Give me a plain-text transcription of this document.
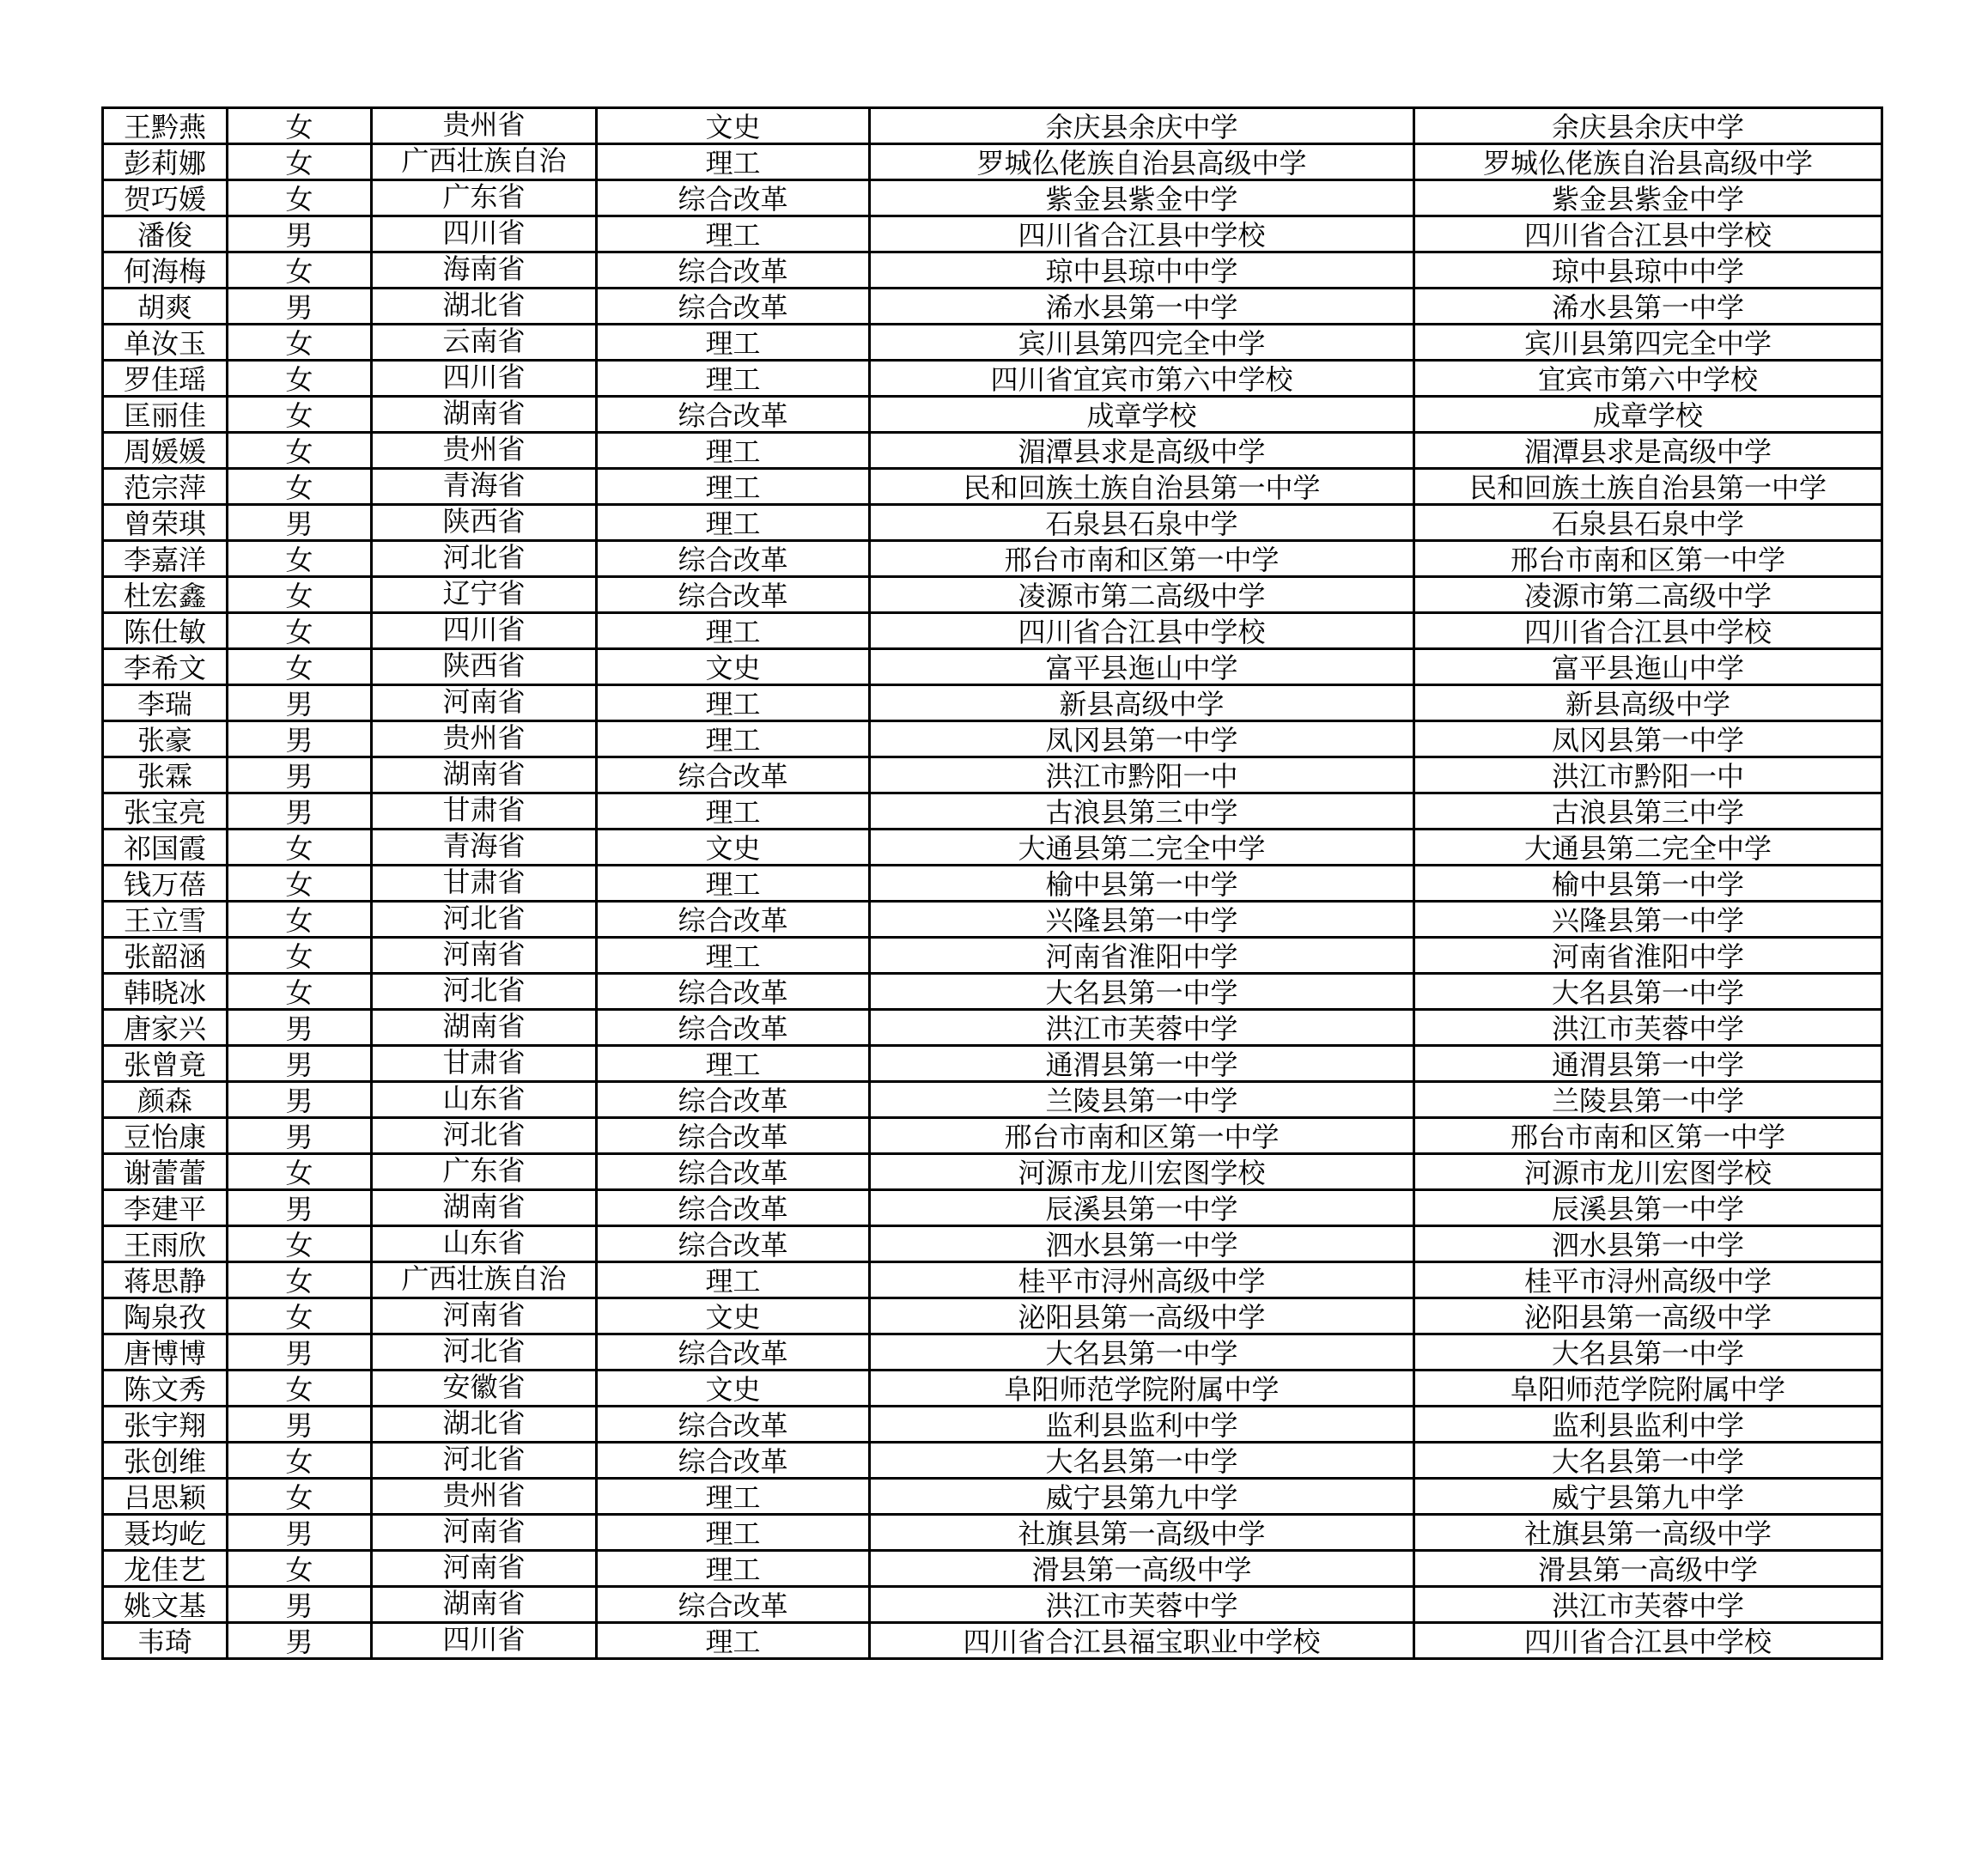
王黔燕	女	贵州省	文史	余庆县余庆中学	余庆县余庆中学
彭莉娜	女	广西壮族自治	理工	罗城仫佬族自治县高级中学	罗城仫佬族自治县高级中学
贺巧媛	女	广东省	综合改革	紫金县紫金中学	紫金县紫金中学
潘俊	男	四川省	理工	四川省合江县中学校	四川省合江县中学校
何海梅	女	海南省	综合改革	琼中县琼中中学	琼中县琼中中学
胡爽	男	湖北省	综合改革	浠水县第一中学	浠水县第一中学
单汝玉	女	云南省	理工	宾川县第四完全中学	宾川县第四完全中学
罗佳瑶	女	四川省	理工	四川省宜宾市第六中学校	宜宾市第六中学校
匡丽佳	女	湖南省	综合改革	成章学校	成章学校
周媛媛	女	贵州省	理工	湄潭县求是高级中学	湄潭县求是高级中学
范宗萍	女	青海省	理工	民和回族土族自治县第一中学	民和回族土族自治县第一中学
曾荣琪	男	陕西省	理工	石泉县石泉中学	石泉县石泉中学
李嘉洋	女	河北省	综合改革	邢台市南和区第一中学	邢台市南和区第一中学
杜宏鑫	女	辽宁省	综合改革	凌源市第二高级中学	凌源市第二高级中学
陈仕敏	女	四川省	理工	四川省合江县中学校	四川省合江县中学校
李希文	女	陕西省	文史	富平县迤山中学	富平县迤山中学
李瑞	男	河南省	理工	新县高级中学	新县高级中学
张豪	男	贵州省	理工	凤冈县第一中学	凤冈县第一中学
张霖	男	湖南省	综合改革	洪江市黔阳一中	洪江市黔阳一中
张宝亮	男	甘肃省	理工	古浪县第三中学	古浪县第三中学
祁国霞	女	青海省	文史	大通县第二完全中学	大通县第二完全中学
钱万蓓	女	甘肃省	理工	榆中县第一中学	榆中县第一中学
王立雪	女	河北省	综合改革	兴隆县第一中学	兴隆县第一中学
张韶涵	女	河南省	理工	河南省淮阳中学	河南省淮阳中学
韩晓冰	女	河北省	综合改革	大名县第一中学	大名县第一中学
唐家兴	男	湖南省	综合改革	洪江市芙蓉中学	洪江市芙蓉中学
张曾竟	男	甘肃省	理工	通渭县第一中学	通渭县第一中学
颜森	男	山东省	综合改革	兰陵县第一中学	兰陵县第一中学
豆怡康	男	河北省	综合改革	邢台市南和区第一中学	邢台市南和区第一中学
谢蕾蕾	女	广东省	综合改革	河源市龙川宏图学校	河源市龙川宏图学校
李建平	男	湖南省	综合改革	辰溪县第一中学	辰溪县第一中学
王雨欣	女	山东省	综合改革	泗水县第一中学	泗水县第一中学
蒋思静	女	广西壮族自治	理工	桂平市浔州高级中学	桂平市浔州高级中学
陶泉孜	女	河南省	文史	泌阳县第一高级中学	泌阳县第一高级中学
唐博博	男	河北省	综合改革	大名县第一中学	大名县第一中学
陈文秀	女	安徽省	文史	阜阳师范学院附属中学	阜阳师范学院附属中学
张宇翔	男	湖北省	综合改革	监利县监利中学	监利县监利中学
张创维	女	河北省	综合改革	大名县第一中学	大名县第一中学
吕思颖	女	贵州省	理工	威宁县第九中学	威宁县第九中学
聂均屹	男	河南省	理工	社旗县第一高级中学	社旗县第一高级中学
龙佳艺	女	河南省	理工	滑县第一高级中学	滑县第一高级中学
姚文基	男	湖南省	综合改革	洪江市芙蓉中学	洪江市芙蓉中学
韦琦	男	四川省	理工	四川省合江县福宝职业中学校	四川省合江县中学校
